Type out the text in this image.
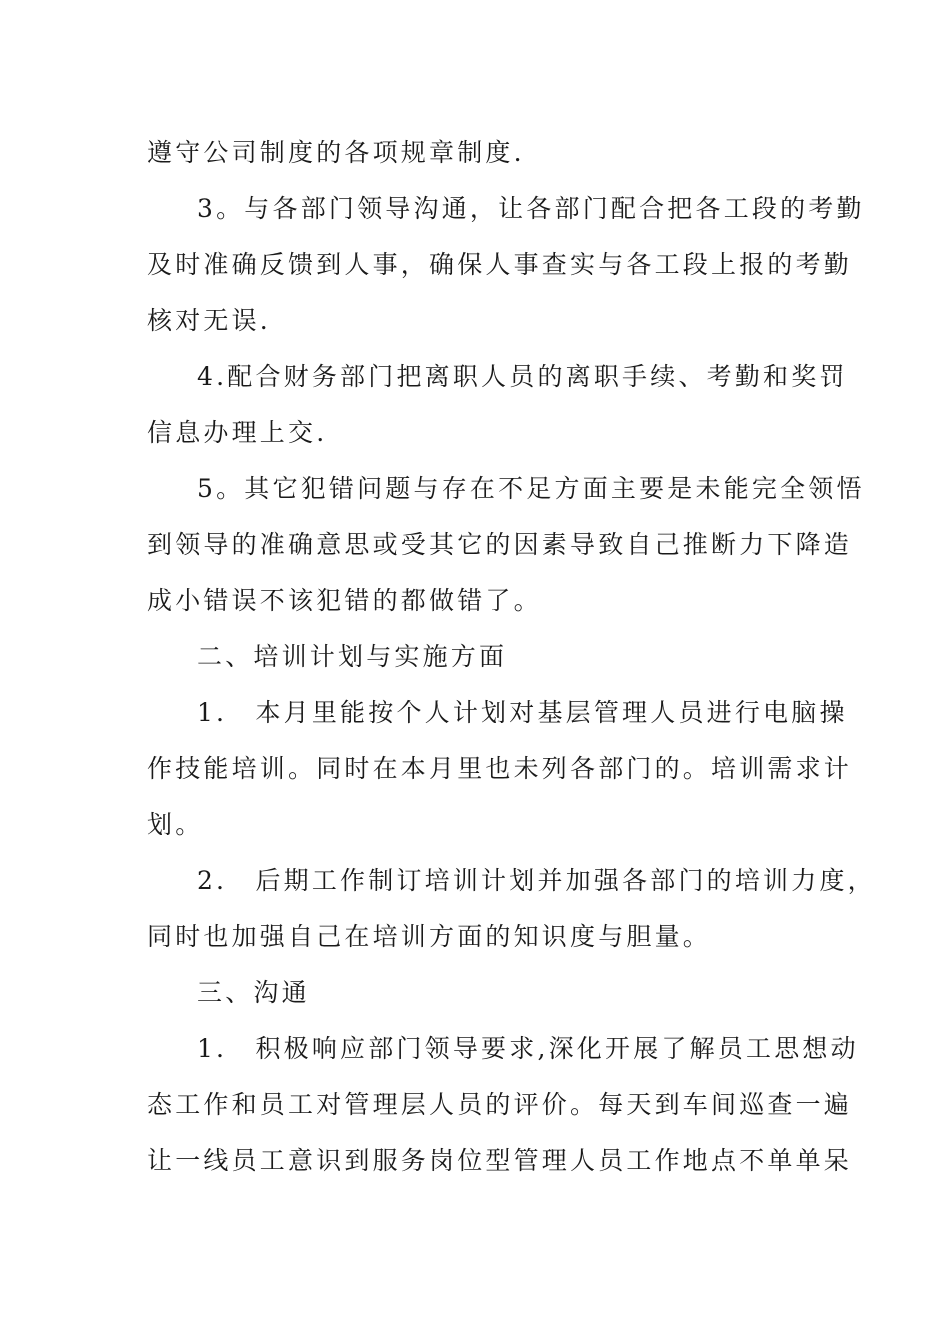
遵守公司制度的各项规章制度.
3。与各部门领导沟通，让各部门配合把各工段的考勤
及时准确反馈到人事，确保人事查实与各工段上报的考勤
核对无误.
4.配合财务部门把离职人员的离职手续、考勤和奖罚
信息办理上交.
5。其它犯错问题与存在不足方面主要是未能完全领悟
到领导的准确意思或受其它的因素导致自己推断力下降造
成小错误不该犯错的都做错了。
二、培训计划与实施方面
1． 本月里能按个人计划对基层管理人员进行电脑操
作技能培训。同时在本月里也未列各部门的。培训需求计
划。
2． 后期工作制订培训计划并加强各部门的培训力度，
同时也加强自己在培训方面的知识度与胆量。
三、沟通
1． 积极响应部门领导要求,深化开展了解员工思想动
态工作和员工对管理层人员的评价。每天到车间巡查一遍
让一线员工意识到服务岗位型管理人员工作地点不单单呆
